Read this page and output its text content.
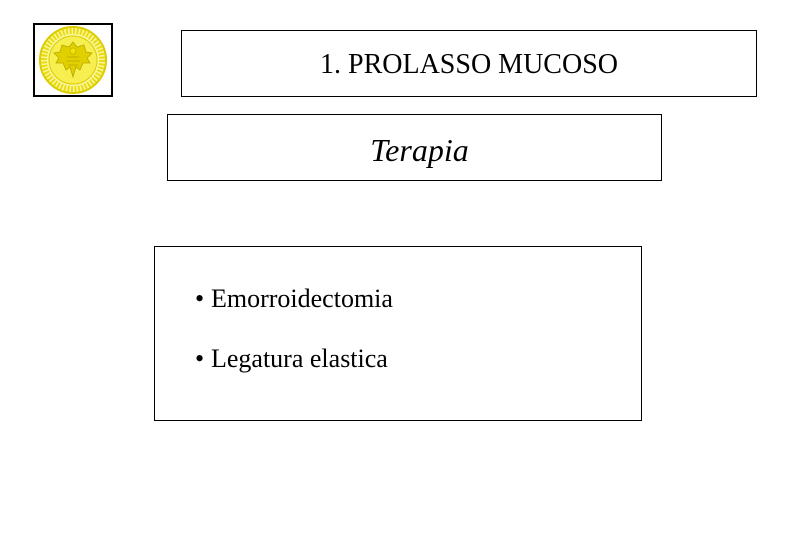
1. PROLASSO MUCOSO
Terapia
• Emorroidectomia
• Legatura elastica
